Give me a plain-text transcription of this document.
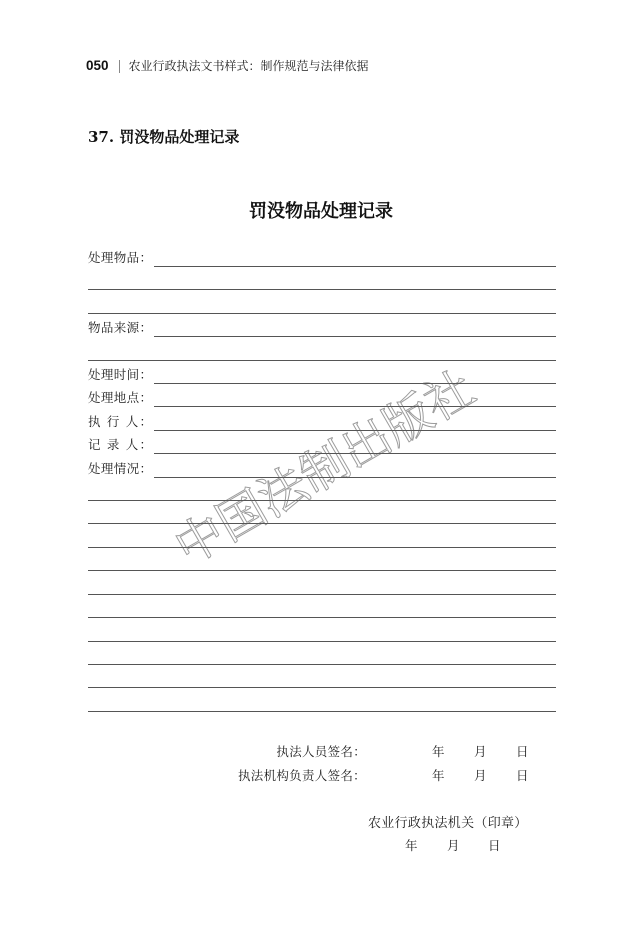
050 农业行政执法文书样式：制作规范与法律依据
37. 罚没物品处理记录
罚没物品处理记录
处理物品：
物品来源：
处理时间：
处理地点：
执 行 人：
记 录 人：
处理情况：
执法人员签名：	年 月 日
执法机构负责人签名：	年 月 日
农业行政执法机关（印章）
年 月 日
中国法制出版社
